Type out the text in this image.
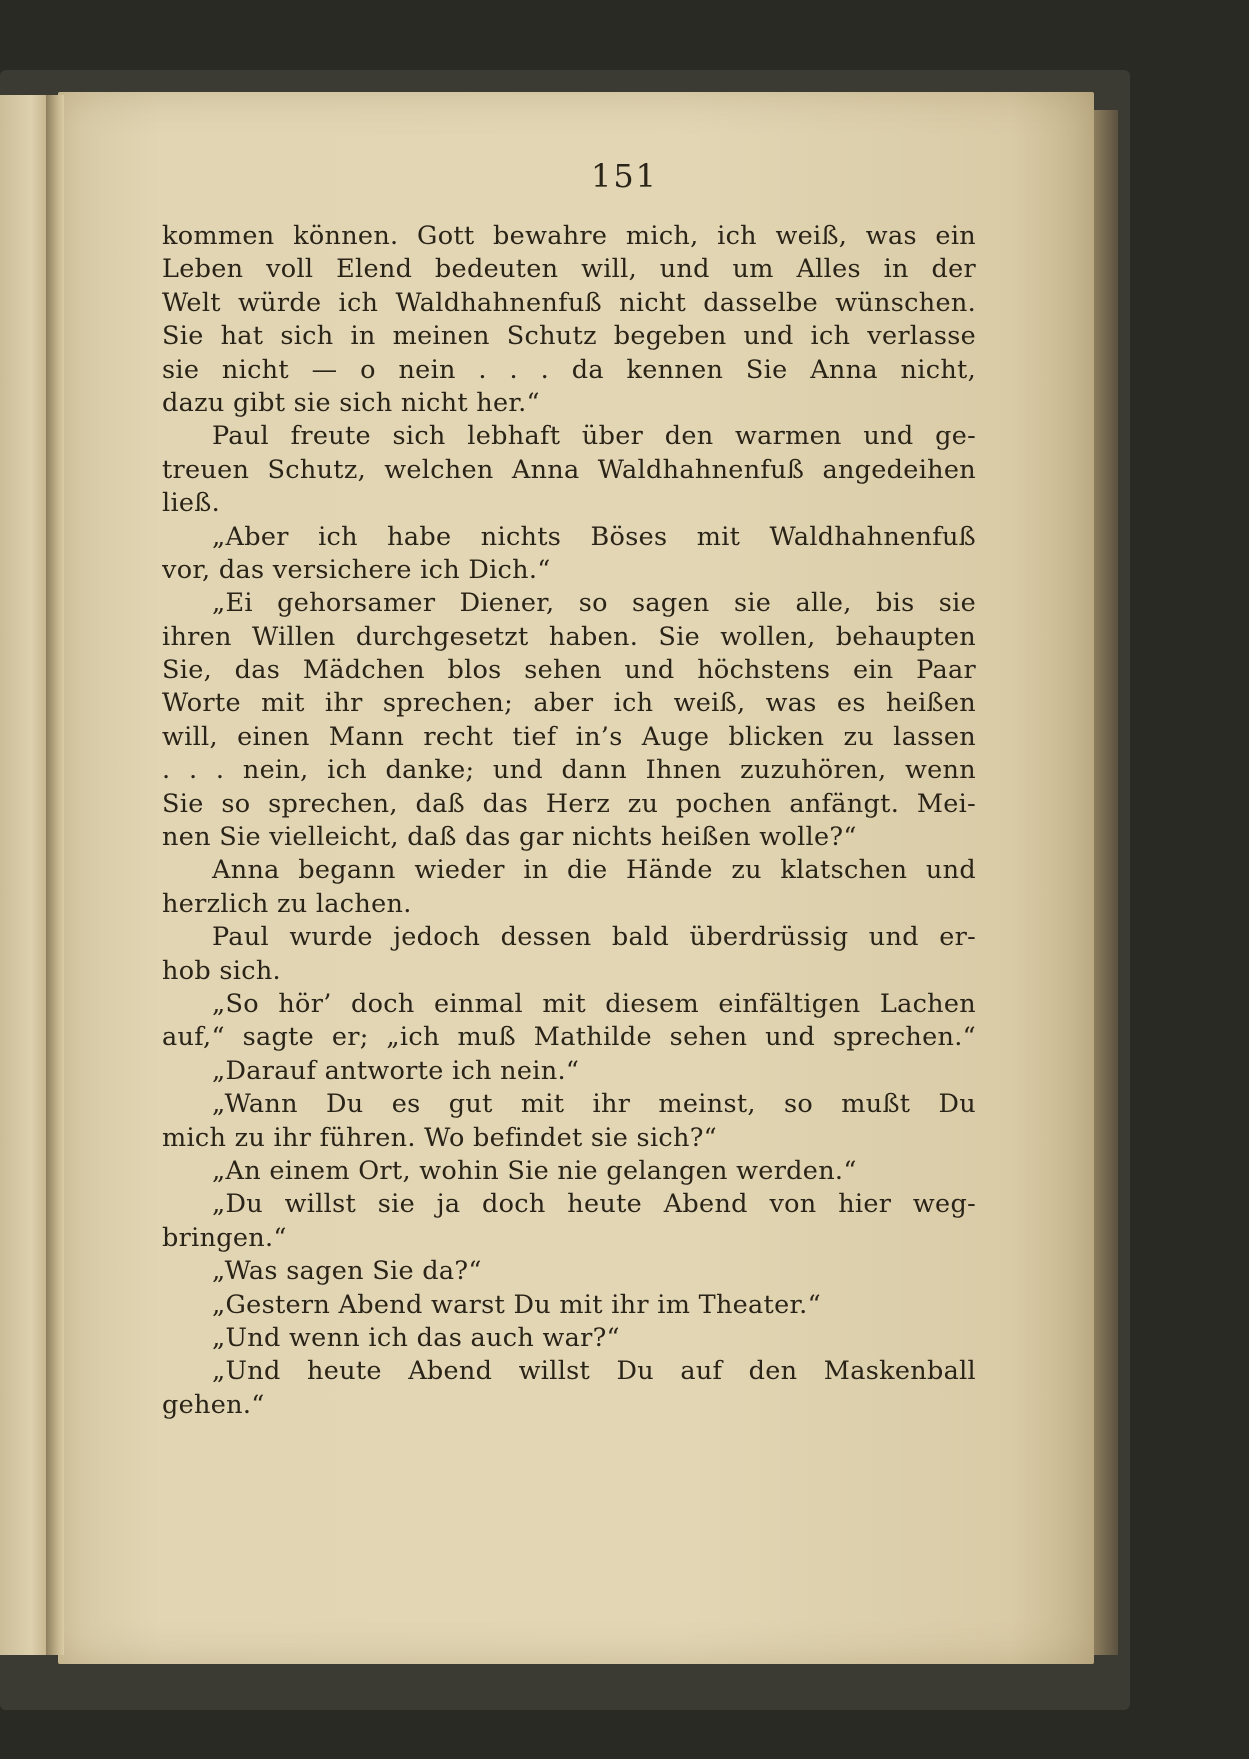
151
kommen können. Gott bewahre mich, ich weiß, was ein
Leben voll Elend bedeuten will, und um Alles in der
Welt würde ich Waldhahnenfuß nicht dasselbe wünschen.
Sie hat sich in meinen Schutz begeben und ich verlasse
sie nicht — o nein . . . da kennen Sie Anna nicht,
dazu gibt sie sich nicht her.“
Paul freute sich lebhaft über den warmen und ge-
treuen Schutz, welchen Anna Waldhahnenfuß angedeihen
ließ.
„Aber ich habe nichts Böses mit Waldhahnenfuß
vor, das versichere ich Dich.“
„Ei gehorsamer Diener, so sagen sie alle, bis sie
ihren Willen durchgesetzt haben. Sie wollen, behaupten
Sie, das Mädchen blos sehen und höchstens ein Paar
Worte mit ihr sprechen; aber ich weiß, was es heißen
will, einen Mann recht tief in’s Auge blicken zu lassen
. . . nein, ich danke; und dann Ihnen zuzuhören, wenn
Sie so sprechen, daß das Herz zu pochen anfängt. Mei-
nen Sie vielleicht, daß das gar nichts heißen wolle?“
Anna begann wieder in die Hände zu klatschen und
herzlich zu lachen.
Paul wurde jedoch dessen bald überdrüssig und er-
hob sich.
„So hör’ doch einmal mit diesem einfältigen Lachen
auf,“ sagte er; „ich muß Mathilde sehen und sprechen.“
„Darauf antworte ich nein.“
„Wann Du es gut mit ihr meinst, so mußt Du
mich zu ihr führen. Wo befindet sie sich?“
„An einem Ort, wohin Sie nie gelangen werden.“
„Du willst sie ja doch heute Abend von hier weg-
bringen.“
„Was sagen Sie da?“
„Gestern Abend warst Du mit ihr im Theater.“
„Und wenn ich das auch war?“
„Und heute Abend willst Du auf den Maskenball
gehen.“
